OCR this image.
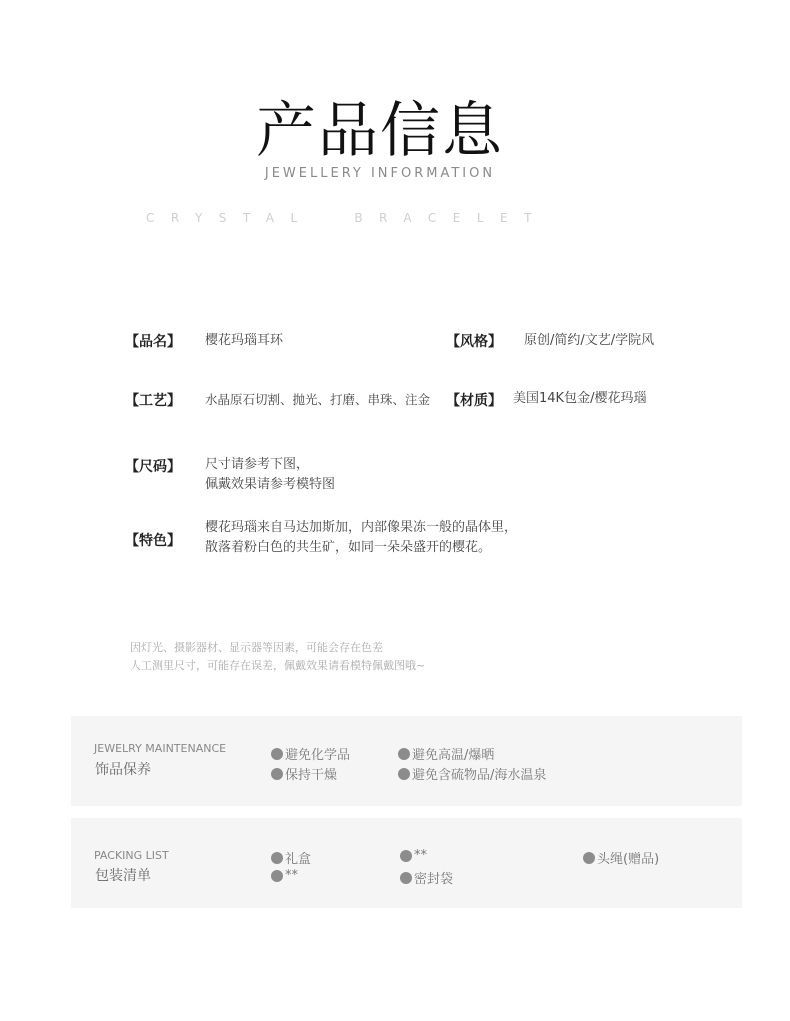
产品信息
JEWELLERY INFORMATION
CRYSTAL  BRACELET
【品名】 樱花玛瑙耳环	【风格】 原创/简约/文艺/学院风
【工艺】 水晶原石切割、抛光、打磨、串珠、注金 【材质】 美国14K包金/樱花玛瑙
【尺码】 尺寸请参考下图，
佩戴效果请参考模特图
【特色】
樱花玛瑙来自马达加斯加，内部像果冻一般的晶体里，
散落着粉白色的共生矿，如同一朵朵盛开的樱花。
因灯光、摄影器材、显示器等因素，可能会存在色差
人工测里尺寸，可能存在误差，佩戴效果请看模特佩戴图哦~
JEWELRY MAINTENANCE
饰品保养
避免化学品
保持干燥
避免高温/爆晒
避免含硫物品/海水温泉
PACKING LIST
包装清单
礼盒
**
**
密封袋
头绳(赠品)
